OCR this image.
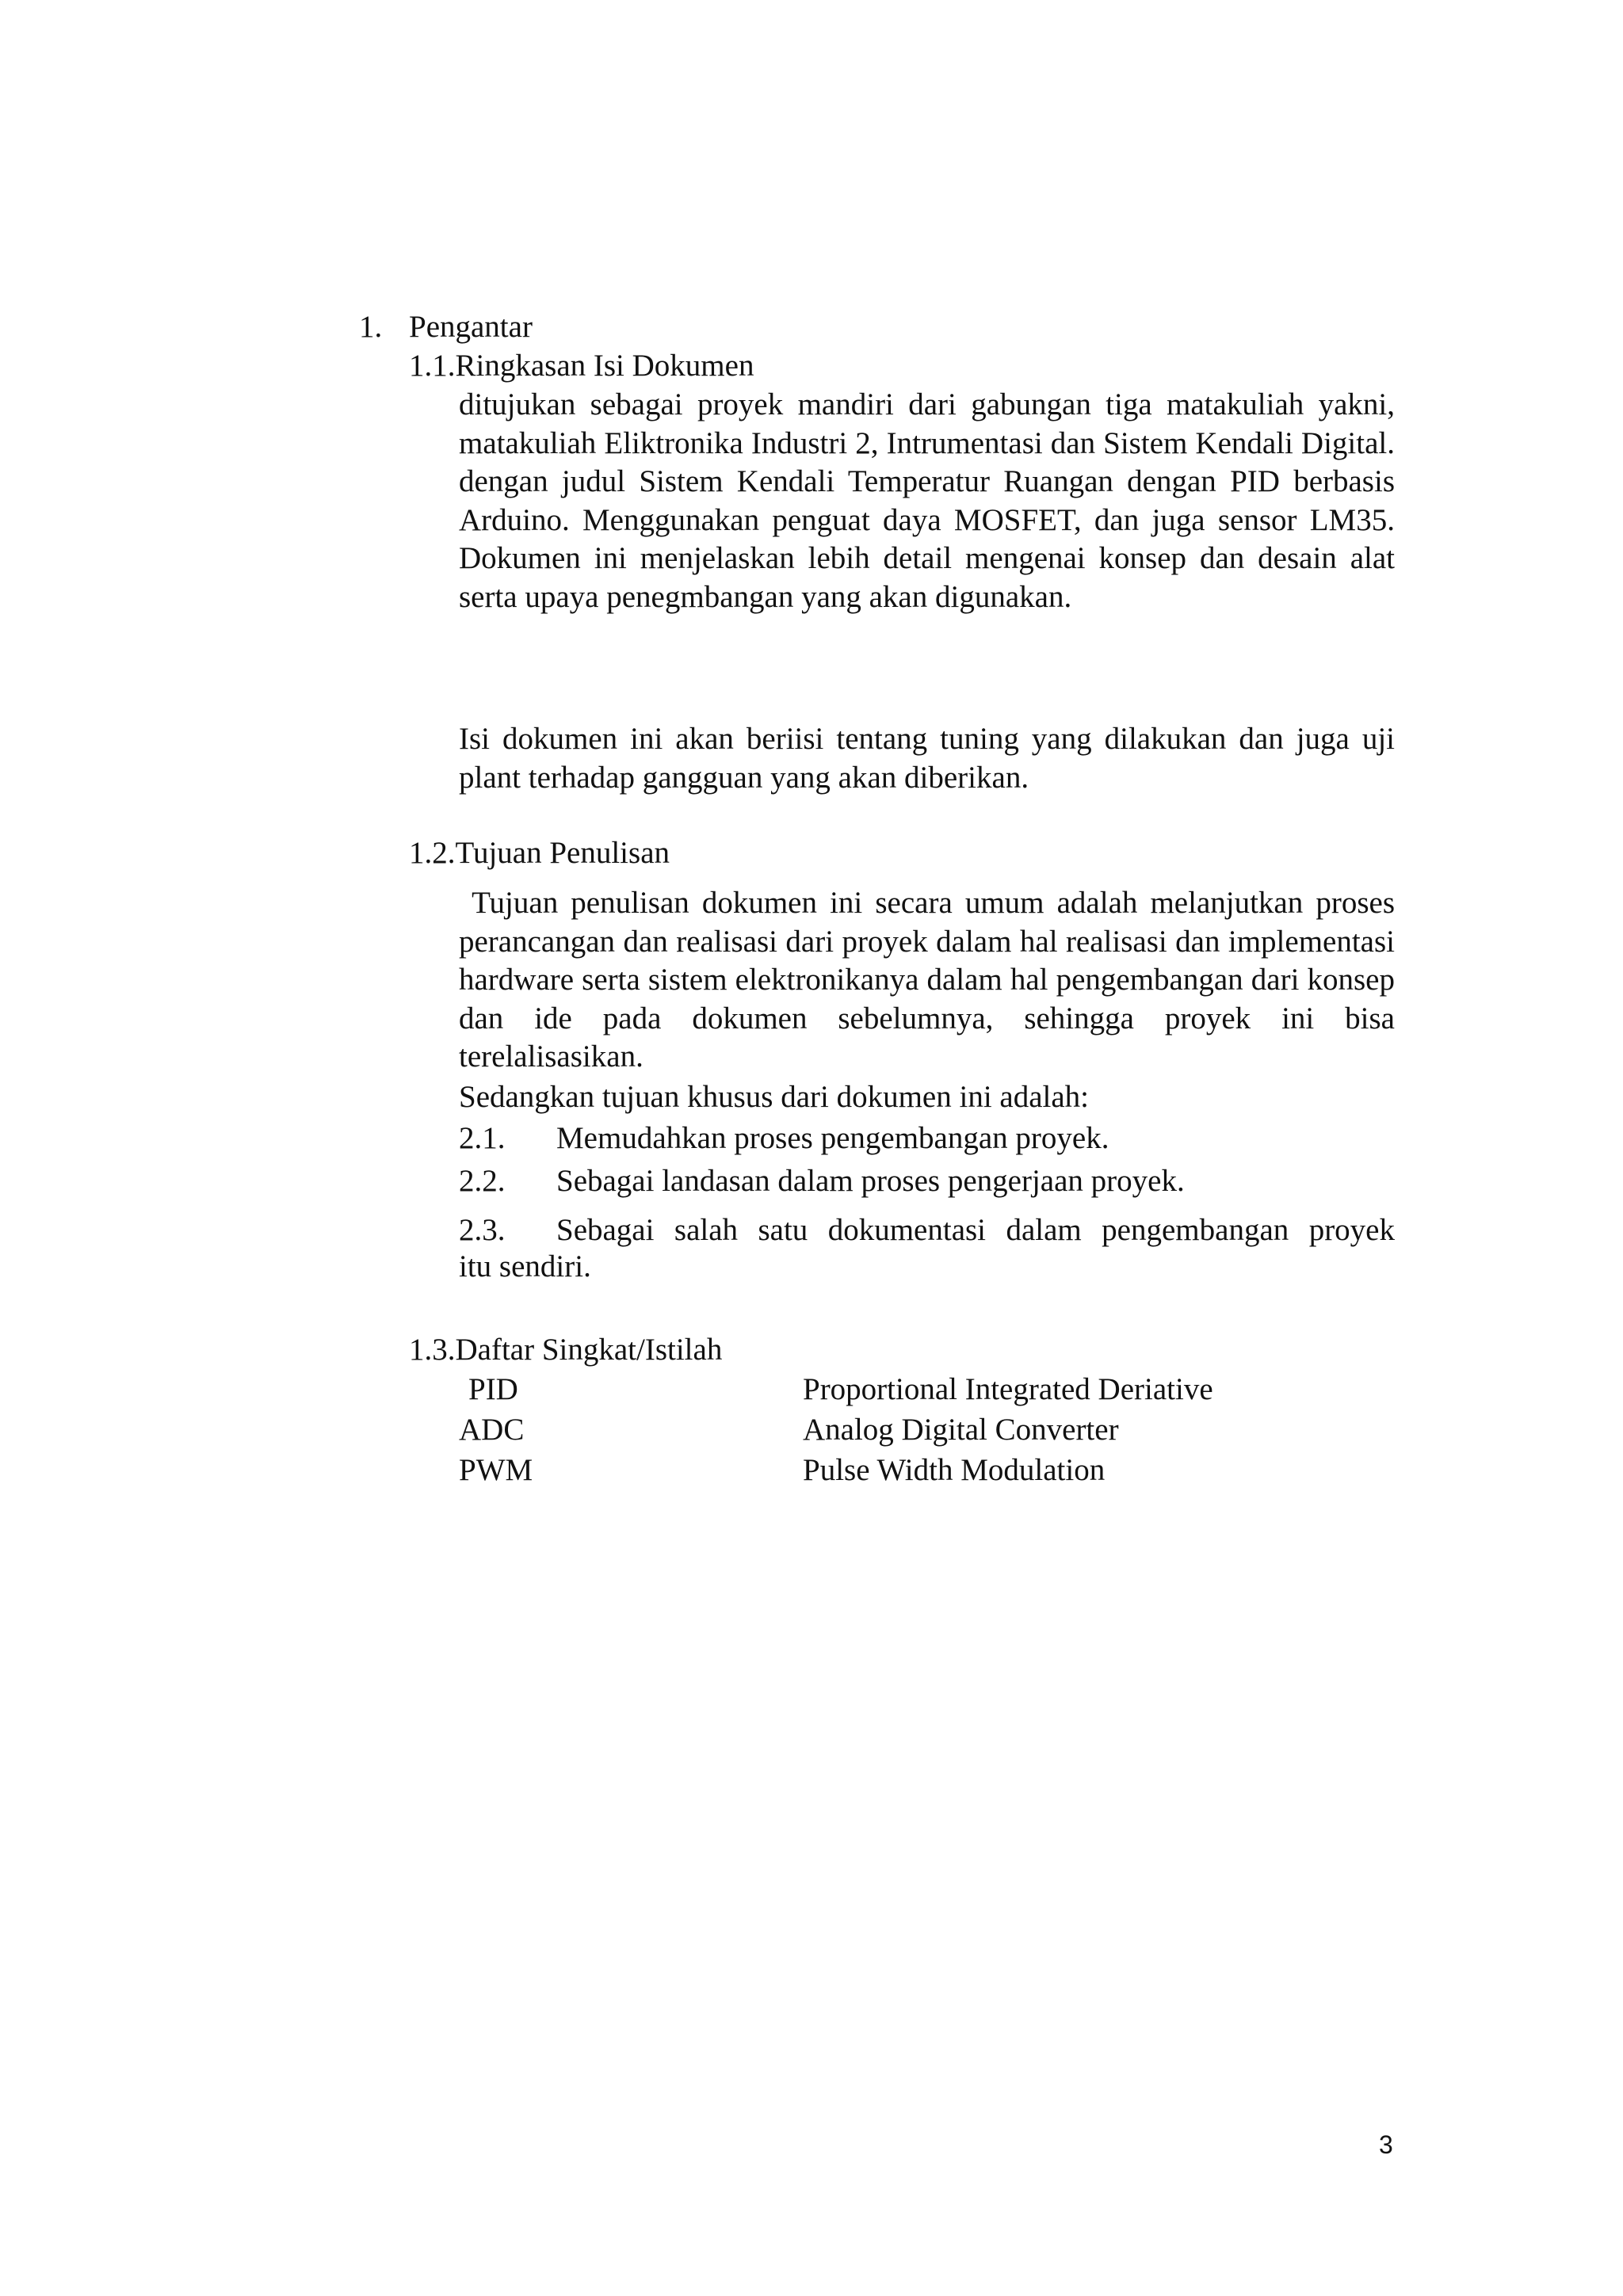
1. Pengantar
1.1.Ringkasan Isi Dokumen
ditujukan sebagai proyek mandiri dari gabungan tiga matakuliah yakni, matakuliah Eliktronika Industri 2, Intrumentasi dan Sistem Kendali Digital. dengan judul Sistem Kendali Temperatur Ruangan dengan PID berbasis Arduino. Menggunakan penguat daya MOSFET, dan juga sensor LM35. Dokumen ini menjelaskan lebih detail mengenai konsep dan desain alat serta upaya penegmbangan yang akan digunakan.
Isi dokumen ini akan beriisi tentang tuning yang dilakukan dan juga uji plant terhadap gangguan yang akan diberikan.
1.2.Tujuan Penulisan
Tujuan penulisan dokumen ini secara umum adalah melanjutkan proses perancangan dan realisasi dari proyek dalam hal realisasi dan implementasi hardware serta sistem elektronikanya dalam hal pengembangan dari konsep dan ide pada dokumen sebelumnya, sehingga proyek ini bisa terelalisasikan.
Sedangkan tujuan khusus dari dokumen ini adalah:
2.1. Memudahkan proses pengembangan proyek.
2.2. Sebagai landasan dalam proses pengerjaan proyek.
2.3. Sebagai salah satu dokumentasi dalam pengembangan proyek
itu sendiri.
1.3.Daftar Singkat/Istilah
PID	Proportional Integrated Deriative
ADC	Analog Digital Converter
PWM	Pulse Width Modulation
3
